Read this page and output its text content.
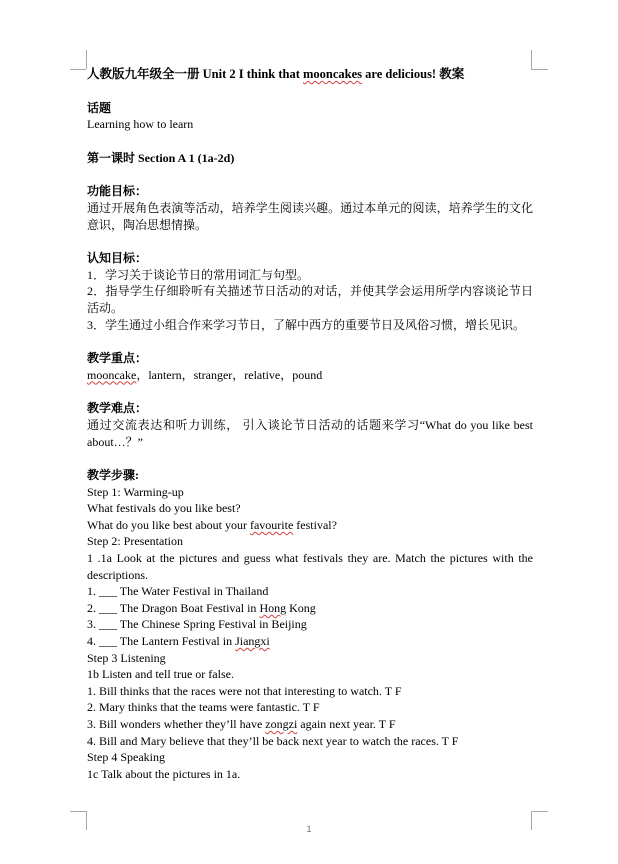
人教版九年级全一册 Unit 2 I think that mooncakes are delicious! 教案
话题
Learning how to learn
第一课时 Section A 1 (1a-2d)
功能目标：
通过开展角色表演等活动，培养学生阅读兴趣。通过本单元的阅读，培养学生的文化意识，陶冶思想情操。
认知目标：
1．学习关于谈论节日的常用词汇与句型。
2．指导学生仔细聆听有关描述节日活动的对话，并使其学会运用所学内容谈论节日活动。
3．学生通过小组合作来学习节日，了解中西方的重要节日及风俗习惯，增长见识。
教学重点：
mooncake，lantern，stranger，relative，pound
教学难点：
通过交流表达和听力训练， 引入谈论节日活动的话题来学习“What do you like best about…？”
教学步骤:
Step 1: Warming-up
What festivals do you like best?
What do you like best about your favourite festival?
Step 2: Presentation
1 .1a Look at the pictures and guess what festivals they are. Match the pictures with the descriptions.
1. ___ The Water Festival in Thailand
2. ___ The Dragon Boat Festival in Hong Kong
3. ___ The Chinese Spring Festival in Beijing
4. ___ The Lantern Festival in Jiangxi
Step 3 Listening
1b Listen and tell true or false.
1. Bill thinks that the races were not that interesting to watch. T F
2. Mary thinks that the teams were fantastic. T F
3. Bill wonders whether they’ll have zongzi again next year. T F
4. Bill and Mary believe that they’ll be back next year to watch the races. T F
Step 4 Speaking
1c Talk about the pictures in 1a.
1
